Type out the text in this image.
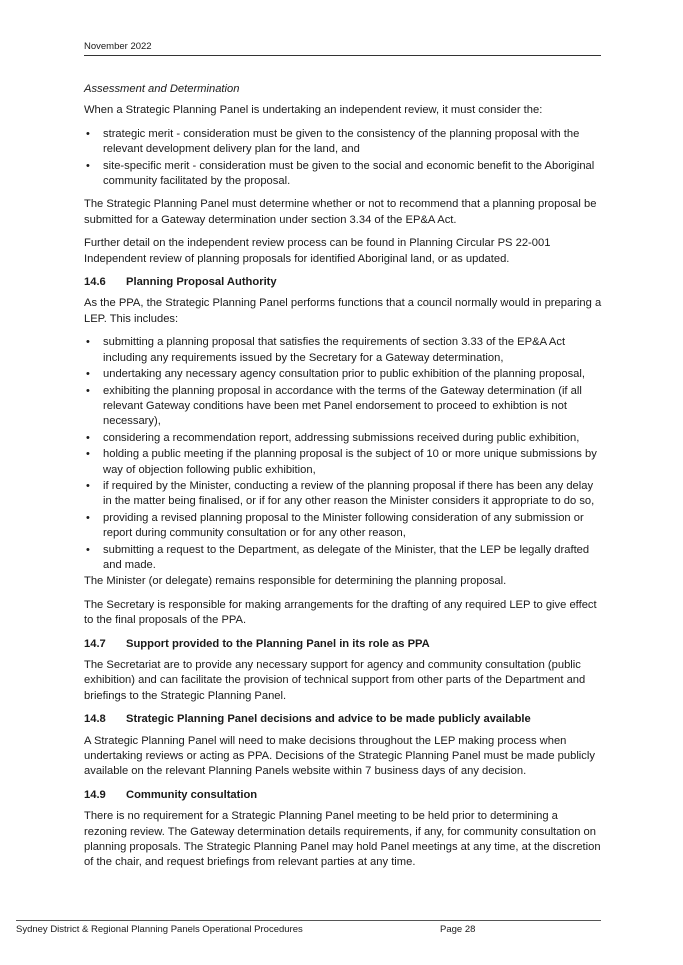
November 2022

Assessment and Determination

When a Strategic Planning Panel is undertaking an independent review, it must consider the:

• strategic merit - consideration must be given to the consistency of the planning proposal with the relevant development delivery plan for the land, and
• site-specific merit - consideration must be given to the social and economic benefit to the Aboriginal community facilitated by the proposal.

The Strategic Planning Panel must determine whether or not to recommend that a planning proposal be submitted for a Gateway determination under section 3.34 of the EP&A Act.

Further detail on the independent review process can be found in Planning Circular PS 22-001 Independent review of planning proposals for identified Aboriginal land, or as updated.

14.6	Planning Proposal Authority

As the PPA, the Strategic Planning Panel performs functions that a council normally would in preparing a LEP. This includes:

• submitting a planning proposal that satisfies the requirements of section 3.33 of the EP&A Act including any requirements issued by the Secretary for a Gateway determination,
• undertaking any necessary agency consultation prior to public exhibition of the planning proposal,
• exhibiting the planning proposal in accordance with the terms of the Gateway determination (if all relevant Gateway conditions have been met Panel endorsement to proceed to exhibtion is not necessary),
• considering a recommendation report, addressing submissions received during public exhibition,
• holding a public meeting if the planning proposal is the subject of 10 or more unique submissions by way of objection following public exhibition,
• if required by the Minister, conducting a review of the planning proposal if there has been any delay in the matter being finalised, or if for any other reason the Minister considers it appropriate to do so,
• providing a revised planning proposal to the Minister following consideration of any submission or report during community consultation or for any other reason,
• submitting a request to the Department, as delegate of the Minister, that the LEP be legally drafted and made.

The Minister (or delegate) remains responsible for determining the planning proposal.

The Secretary is responsible for making arrangements for the drafting of any required LEP to give effect to the final proposals of the PPA.

14.7	Support provided to the Planning Panel in its role as PPA

The Secretariat are to provide any necessary support for agency and community consultation (public exhibition) and can facilitate the provision of technical support from other parts of the Department and briefings to the Strategic Planning Panel.

14.8	Strategic Planning Panel decisions and advice to be made publicly available

A Strategic Planning Panel will need to make decisions throughout the LEP making process when undertaking reviews or acting as PPA. Decisions of the Strategic Planning Panel must be made publicly available on the relevant Planning Panels website within 7 business days of any decision.

14.9	Community consultation

There is no requirement for a Strategic Planning Panel meeting to be held prior to determining a rezoning review. The Gateway determination details requirements, if any, for community consultation on planning proposals. The Strategic Planning Panel may hold Panel meetings at any time, at the discretion of the chair, and request briefings from relevant parties at any time.

Sydney District & Regional Planning Panels Operational Procedures	Page 28
